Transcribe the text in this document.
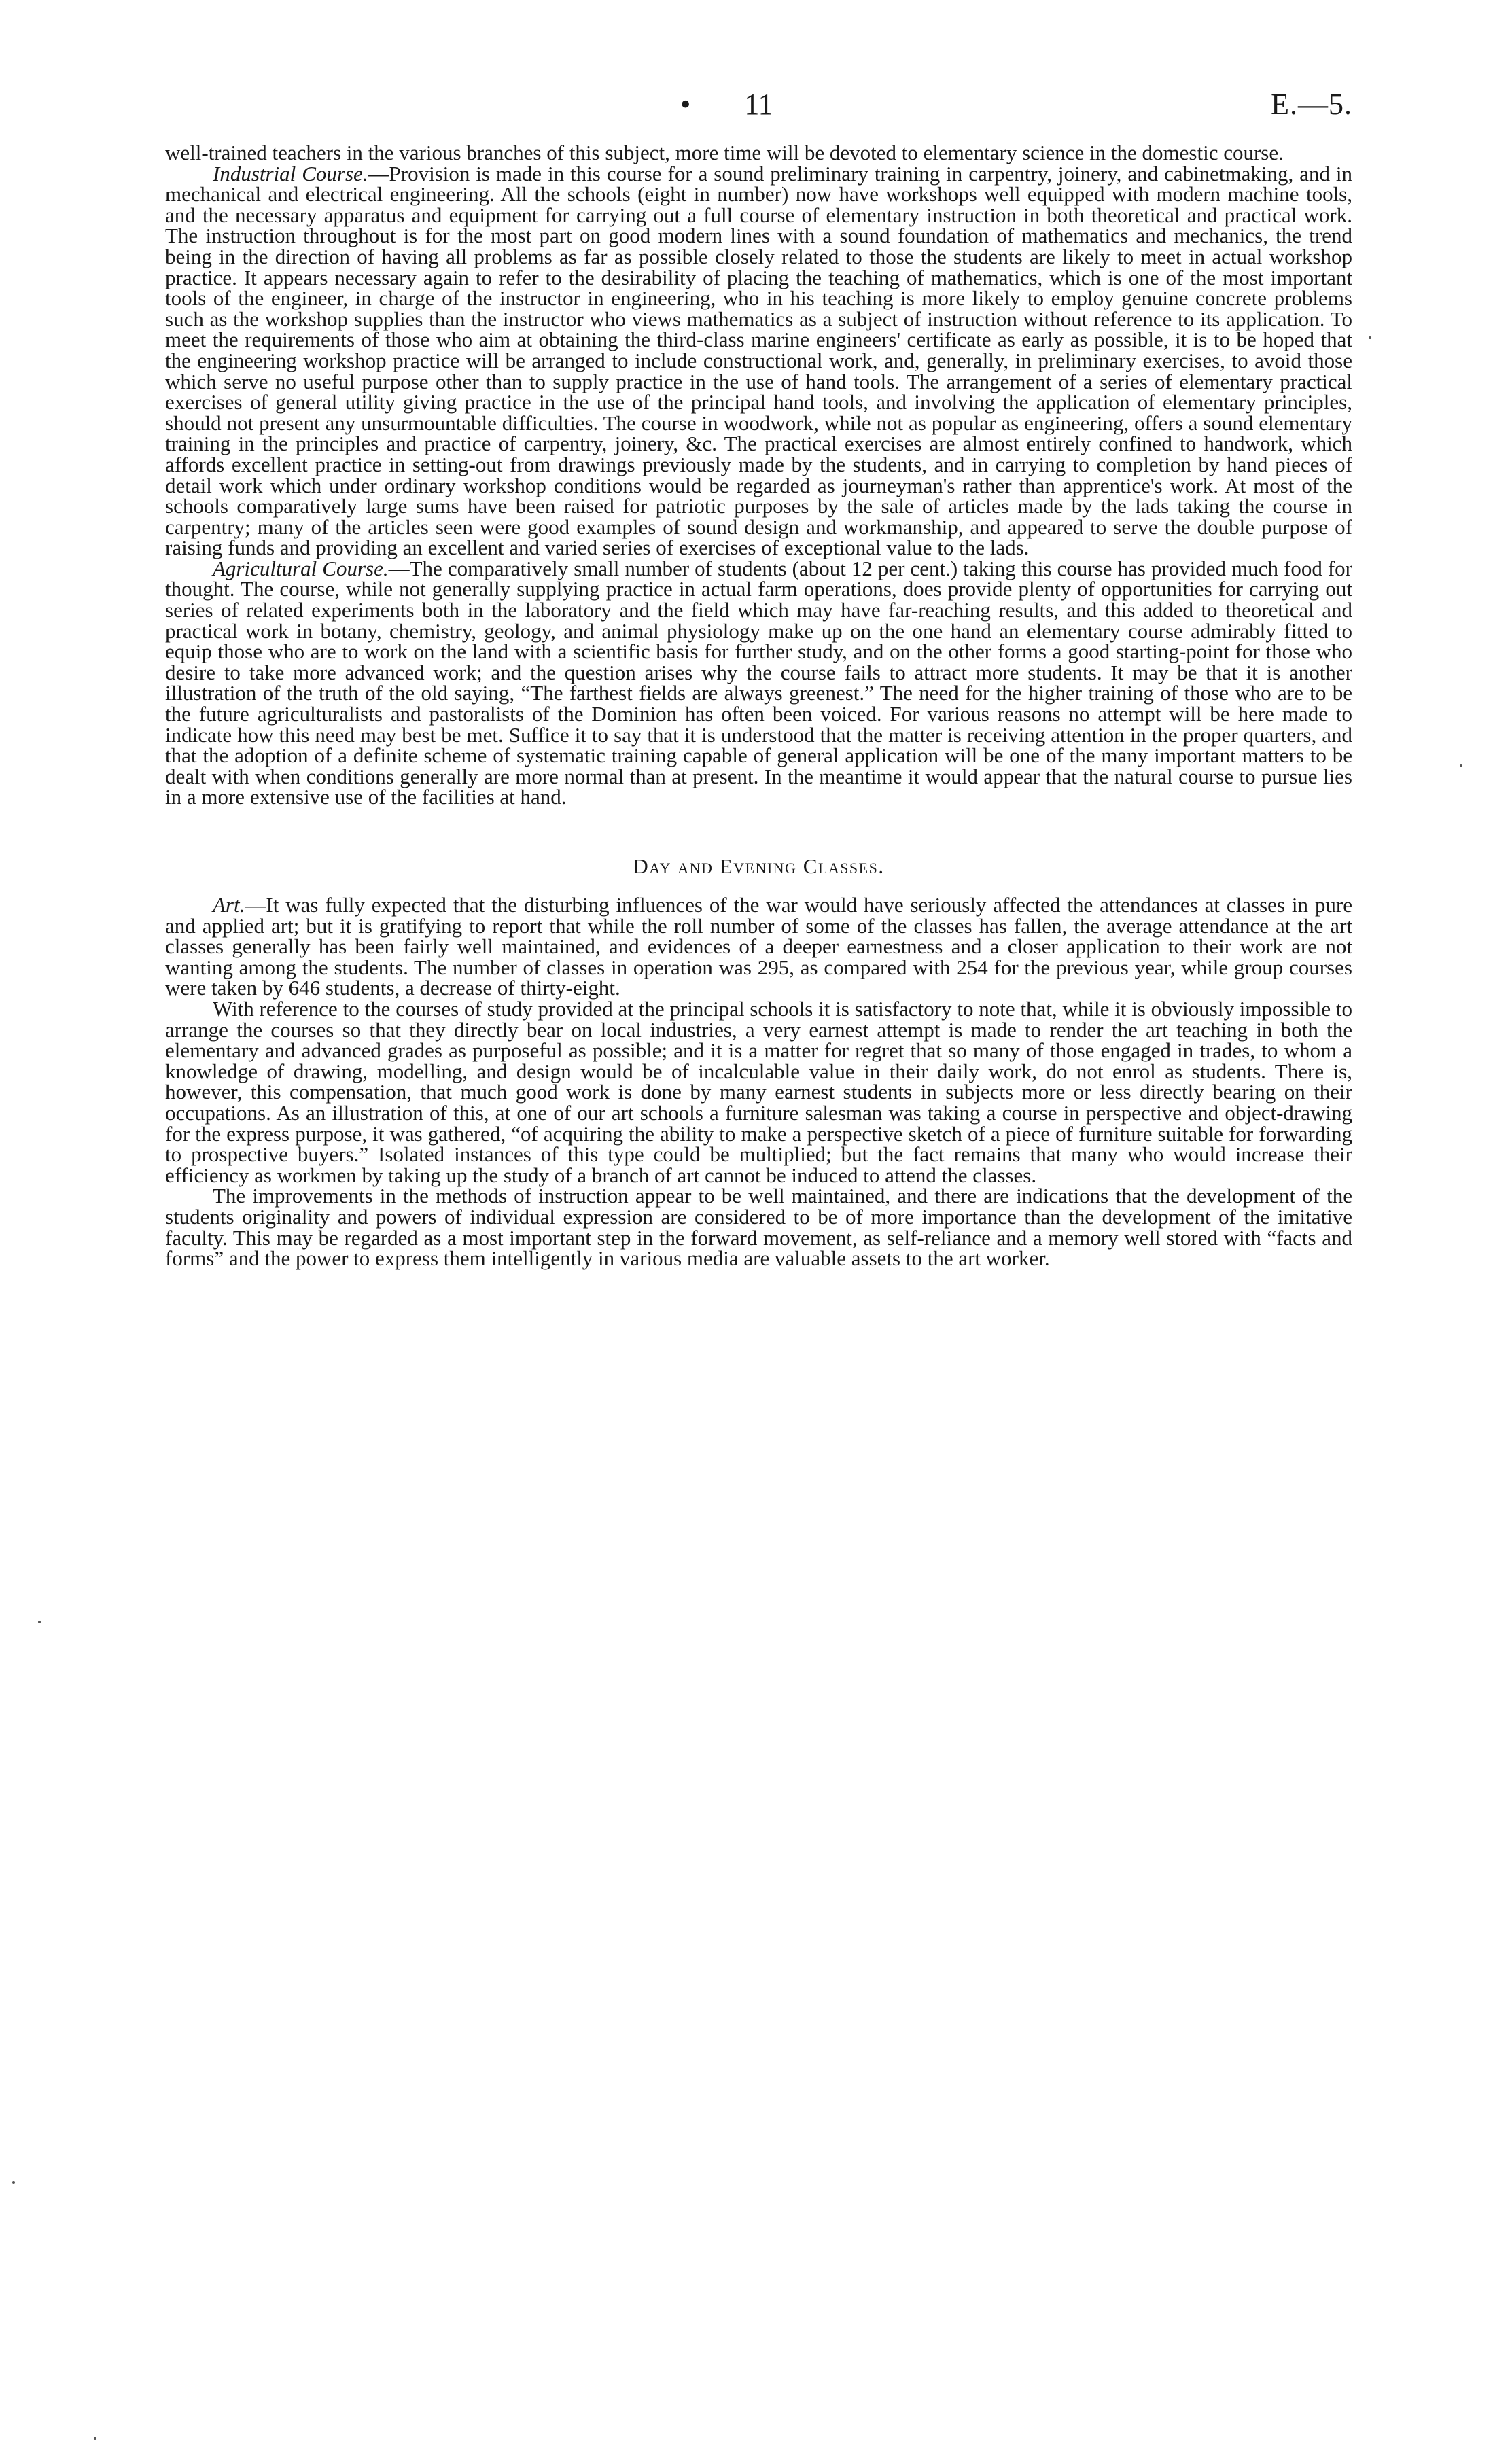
•	11	E.—5.

well-trained teachers in the various branches of this subject, more time will be devoted to elementary science in the domestic course.

Industrial Course.—Provision is made in this course for a sound preliminary training in carpentry, joinery, and cabinetmaking, and in mechanical and electrical engineering. All the schools (eight in number) now have workshops well equipped with modern machine tools, and the necessary apparatus and equipment for carrying out a full course of elementary instruction in both theoretical and practical work. The instruction throughout is for the most part on good modern lines with a sound foundation of mathematics and mechanics, the trend being in the direction of having all problems as far as possible closely related to those the students are likely to meet in actual workshop practice. It appears necessary again to refer to the desirability of placing the teaching of mathematics, which is one of the most important tools of the engineer, in charge of the instructor in engineering, who in his teaching is more likely to employ genuine concrete problems such as the workshop supplies than the instructor who views mathematics as a subject of instruction without reference to its application. To meet the requirements of those who aim at obtaining the third-class marine engineers' certificate as early as possible, it is to be hoped that the engineering workshop practice will be arranged to include constructional work, and, generally, in preliminary exercises, to avoid those which serve no useful purpose other than to supply practice in the use of hand tools. The arrangement of a series of elementary practical exercises of general utility giving practice in the use of the principal hand tools, and involving the application of elementary principles, should not present any unsurmountable difficulties. The course in woodwork, while not as popular as engineering, offers a sound elementary training in the principles and practice of carpentry, joinery, &c. The practical exercises are almost entirely confined to handwork, which affords excellent practice in setting-out from drawings previously made by the students, and in carrying to completion by hand pieces of detail work which under ordinary workshop conditions would be regarded as journeyman's rather than apprentice's work. At most of the schools comparatively large sums have been raised for patriotic purposes by the sale of articles made by the lads taking the course in carpentry; many of the articles seen were good examples of sound design and workmanship, and appeared to serve the double purpose of raising funds and providing an excellent and varied series of exercises of exceptional value to the lads.

Agricultural Course.—The comparatively small number of students (about 12 per cent.) taking this course has provided much food for thought. The course, while not generally supplying practice in actual farm operations, does provide plenty of opportunities for carrying out series of related experiments both in the laboratory and the field which may have far-reaching results, and this added to theoretical and practical work in botany, chemistry, geology, and animal physiology make up on the one hand an elementary course admirably fitted to equip those who are to work on the land with a scientific basis for further study, and on the other forms a good starting-point for those who desire to take more advanced work; and the question arises why the course fails to attract more students. It may be that it is another illustration of the truth of the old saying, “The farthest fields are always greenest.” The need for the higher training of those who are to be the future agriculturalists and pastoralists of the Dominion has often been voiced. For various reasons no attempt will be here made to indicate how this need may best be met. Suffice it to say that it is understood that the matter is receiving attention in the proper quarters, and that the adoption of a definite scheme of systematic training capable of general application will be one of the many important matters to be dealt with when conditions generally are more normal than at present. In the meantime it would appear that the natural course to pursue lies in a more extensive use of the facilities at hand.

Day and Evening Classes.

Art.—It was fully expected that the disturbing influences of the war would have seriously affected the attendances at classes in pure and applied art; but it is gratifying to report that while the roll number of some of the classes has fallen, the average attendance at the art classes generally has been fairly well maintained, and evidences of a deeper earnestness and a closer application to their work are not wanting among the students. The number of classes in operation was 295, as compared with 254 for the previous year, while group courses were taken by 646 students, a decrease of thirty-eight.

With reference to the courses of study provided at the principal schools it is satisfactory to note that, while it is obviously impossible to arrange the courses so that they directly bear on local industries, a very earnest attempt is made to render the art teaching in both the elementary and advanced grades as purposeful as possible; and it is a matter for regret that so many of those engaged in trades, to whom a knowledge of drawing, modelling, and design would be of incalculable value in their daily work, do not enrol as students. There is, however, this compensation, that much good work is done by many earnest students in subjects more or less directly bearing on their occupations. As an illustration of this, at one of our art schools a furniture salesman was taking a course in perspective and object-drawing for the express purpose, it was gathered, “of acquiring the ability to make a perspective sketch of a piece of furniture suitable for forwarding to prospective buyers.” Isolated instances of this type could be multiplied; but the fact remains that many who would increase their efficiency as workmen by taking up the study of a branch of art cannot be induced to attend the classes.

The improvements in the methods of instruction appear to be well maintained, and there are indications that the development of the students originality and powers of individual expression are considered to be of more importance than the development of the imitative faculty. This may be regarded as a most important step in the forward movement, as self-reliance and a memory well stored with “facts and forms” and the power to express them intelligently in various media are valuable assets to the art worker.
